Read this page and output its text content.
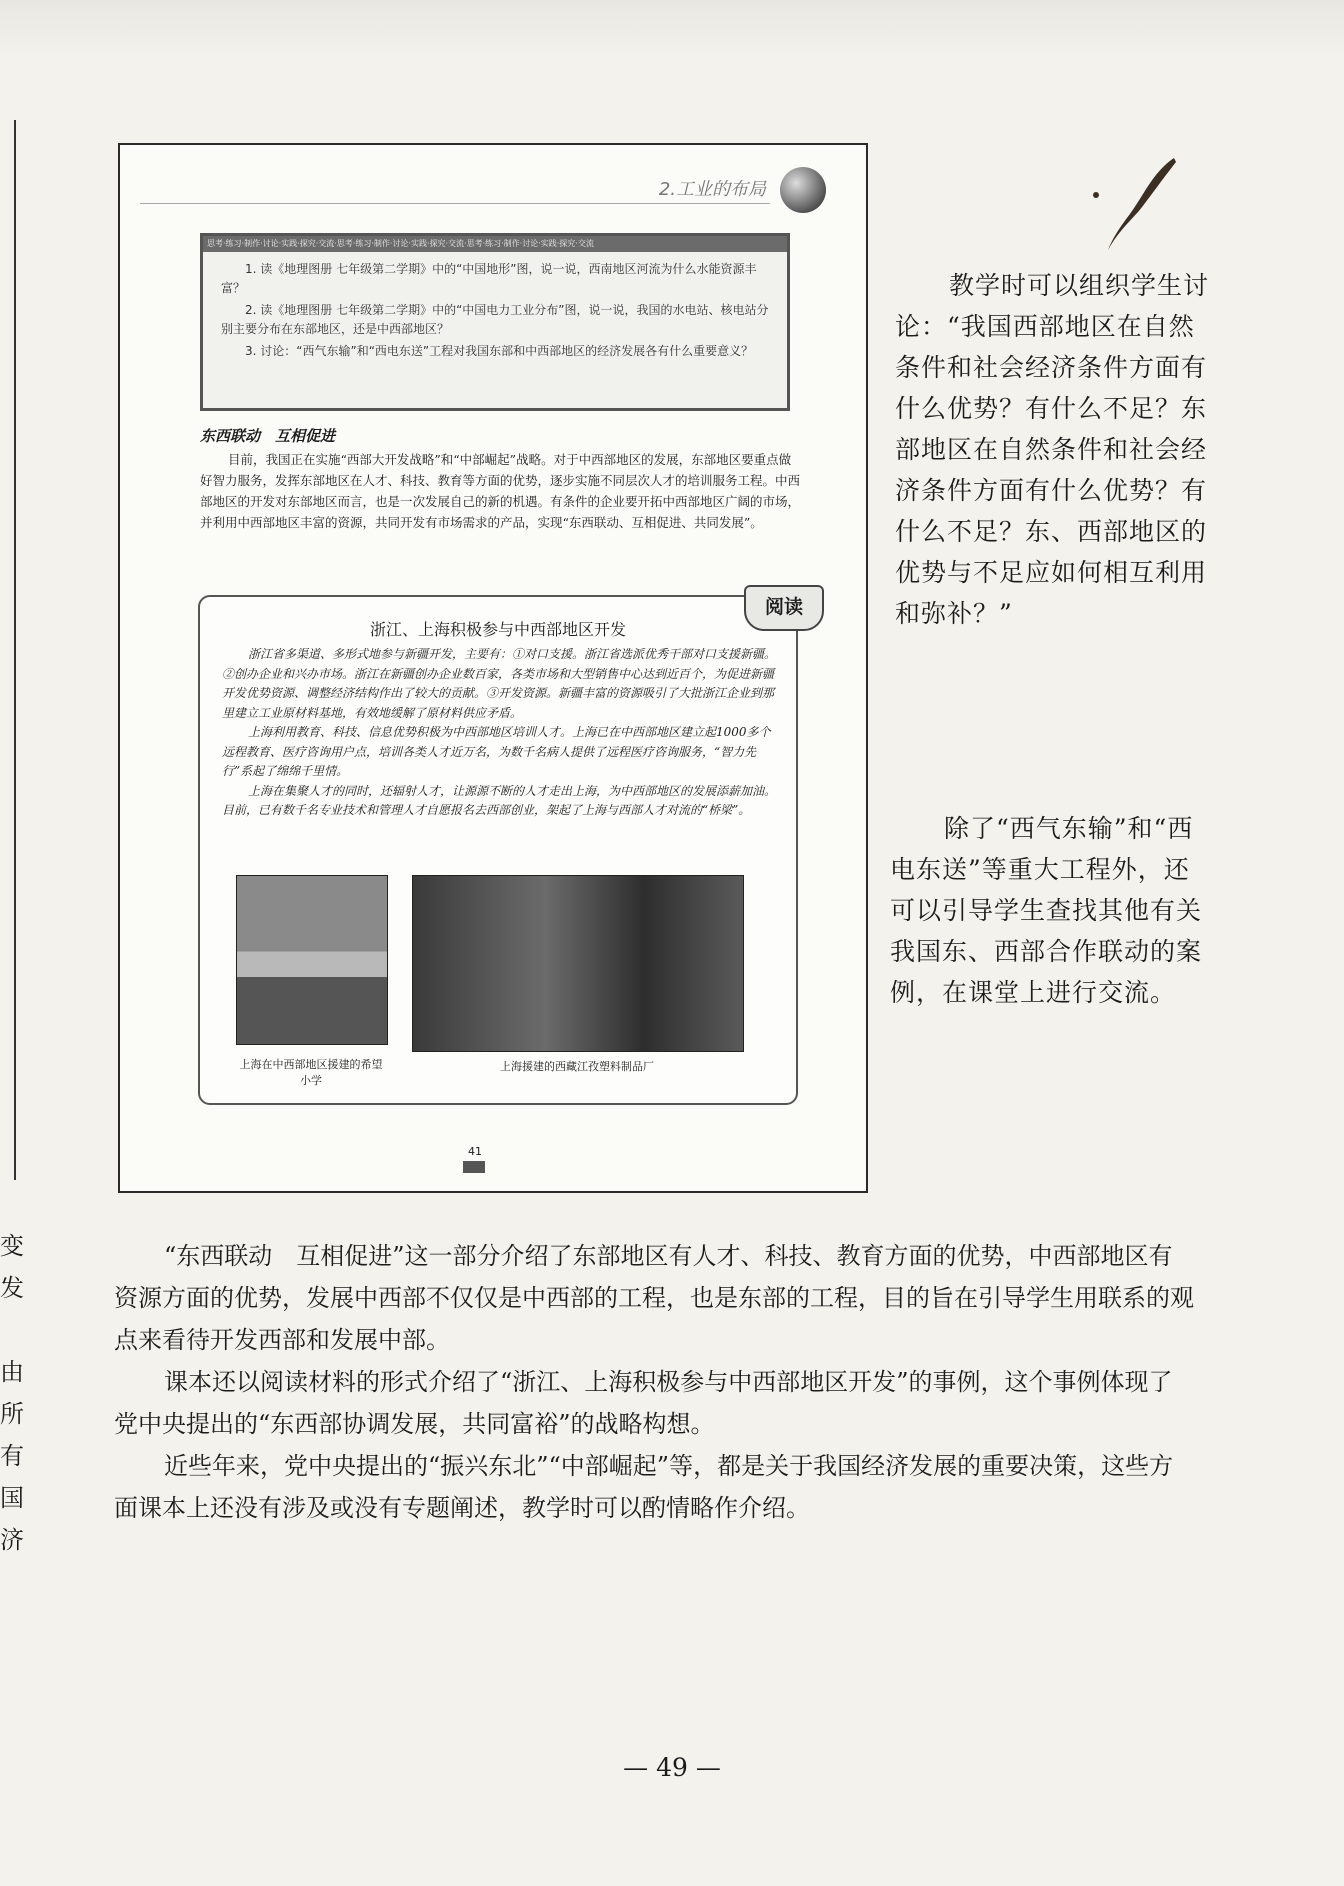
变
发
由
所
有
国
济
2.工业的布局
思考·练习·制作·讨论·实践·探究·交流·思考·练习·制作·讨论·实践·探究·交流·思考·练习·制作·讨论·实践·探究·交流

1. 读《地理图册 七年级第二学期》中的“中国地形”图，说一说，西南地区河流为什么水能资源丰富？

2. 读《地理图册 七年级第二学期》中的“中国电力工业分布”图，说一说，我国的水电站、核电站分别主要分布在东部地区，还是中西部地区？

3. 讨论：“西气东输”和“西电东送”工程对我国东部和中西部地区的经济发展各有什么重要意义？

东西联动　互相促进

目前，我国正在实施“西部大开发战略”和“中部崛起”战略。对于中西部地区的发展，东部地区要重点做好智力服务，发挥东部地区在人才、科技、教育等方面的优势，逐步实施不同层次人才的培训服务工程。中西部地区的开发对东部地区而言，也是一次发展自己的新的机遇。有条件的企业要开拓中西部地区广阔的市场，并利用中西部地区丰富的资源，共同开发有市场需求的产品，实现“东西联动、互相促进、共同发展”。

阅读
浙江、上海积极参与中西部地区开发

浙江省多渠道、多形式地参与新疆开发，主要有：①对口支援。浙江省选派优秀干部对口支援新疆。②创办企业和兴办市场。浙江在新疆创办企业数百家，各类市场和大型销售中心达到近百个，为促进新疆开发优势资源、调整经济结构作出了较大的贡献。③开发资源。新疆丰富的资源吸引了大批浙江企业到那里建立工业原材料基地，有效地缓解了原材料供应矛盾。

上海利用教育、科技、信息优势积极为中西部地区培训人才。上海已在中西部地区建立起1000多个远程教育、医疗咨询用户点，培训各类人才近万名，为数千名病人提供了远程医疗咨询服务，“智力先行”系起了绵绵千里情。

上海在集聚人才的同时，还辐射人才，让源源不断的人才走出上海，为中西部地区的发展添薪加油。目前，已有数千名专业技术和管理人才自愿报名去西部创业，架起了上海与西部人才对流的“桥梁”。

上海在中西部地区援建的希望小学
上海援建的西藏江孜塑料制品厂
41

教学时可以组织学生讨论：“我国西部地区在自然条件和社会经济条件方面有什么优势？有什么不足？东部地区在自然条件和社会经济条件方面有什么优势？有什么不足？东、西部地区的优势与不足应如何相互利用和弥补？”

除了“西气东输”和“西电东送”等重大工程外，还可以引导学生查找其他有关我国东、西部合作联动的案例，在课堂上进行交流。

“东西联动　互相促进”这一部分介绍了东部地区有人才、科技、教育方面的优势，中西部地区有资源方面的优势，发展中西部不仅仅是中西部的工程，也是东部的工程，目的旨在引导学生用联系的观点来看待开发西部和发展中部。

课本还以阅读材料的形式介绍了“浙江、上海积极参与中西部地区开发”的事例，这个事例体现了党中央提出的“东西部协调发展，共同富裕”的战略构想。

近些年来，党中央提出的“振兴东北”“中部崛起”等，都是关于我国经济发展的重要决策，这些方面课本上还没有涉及或没有专题阐述，教学时可以酌情略作介绍。

— 49 —
